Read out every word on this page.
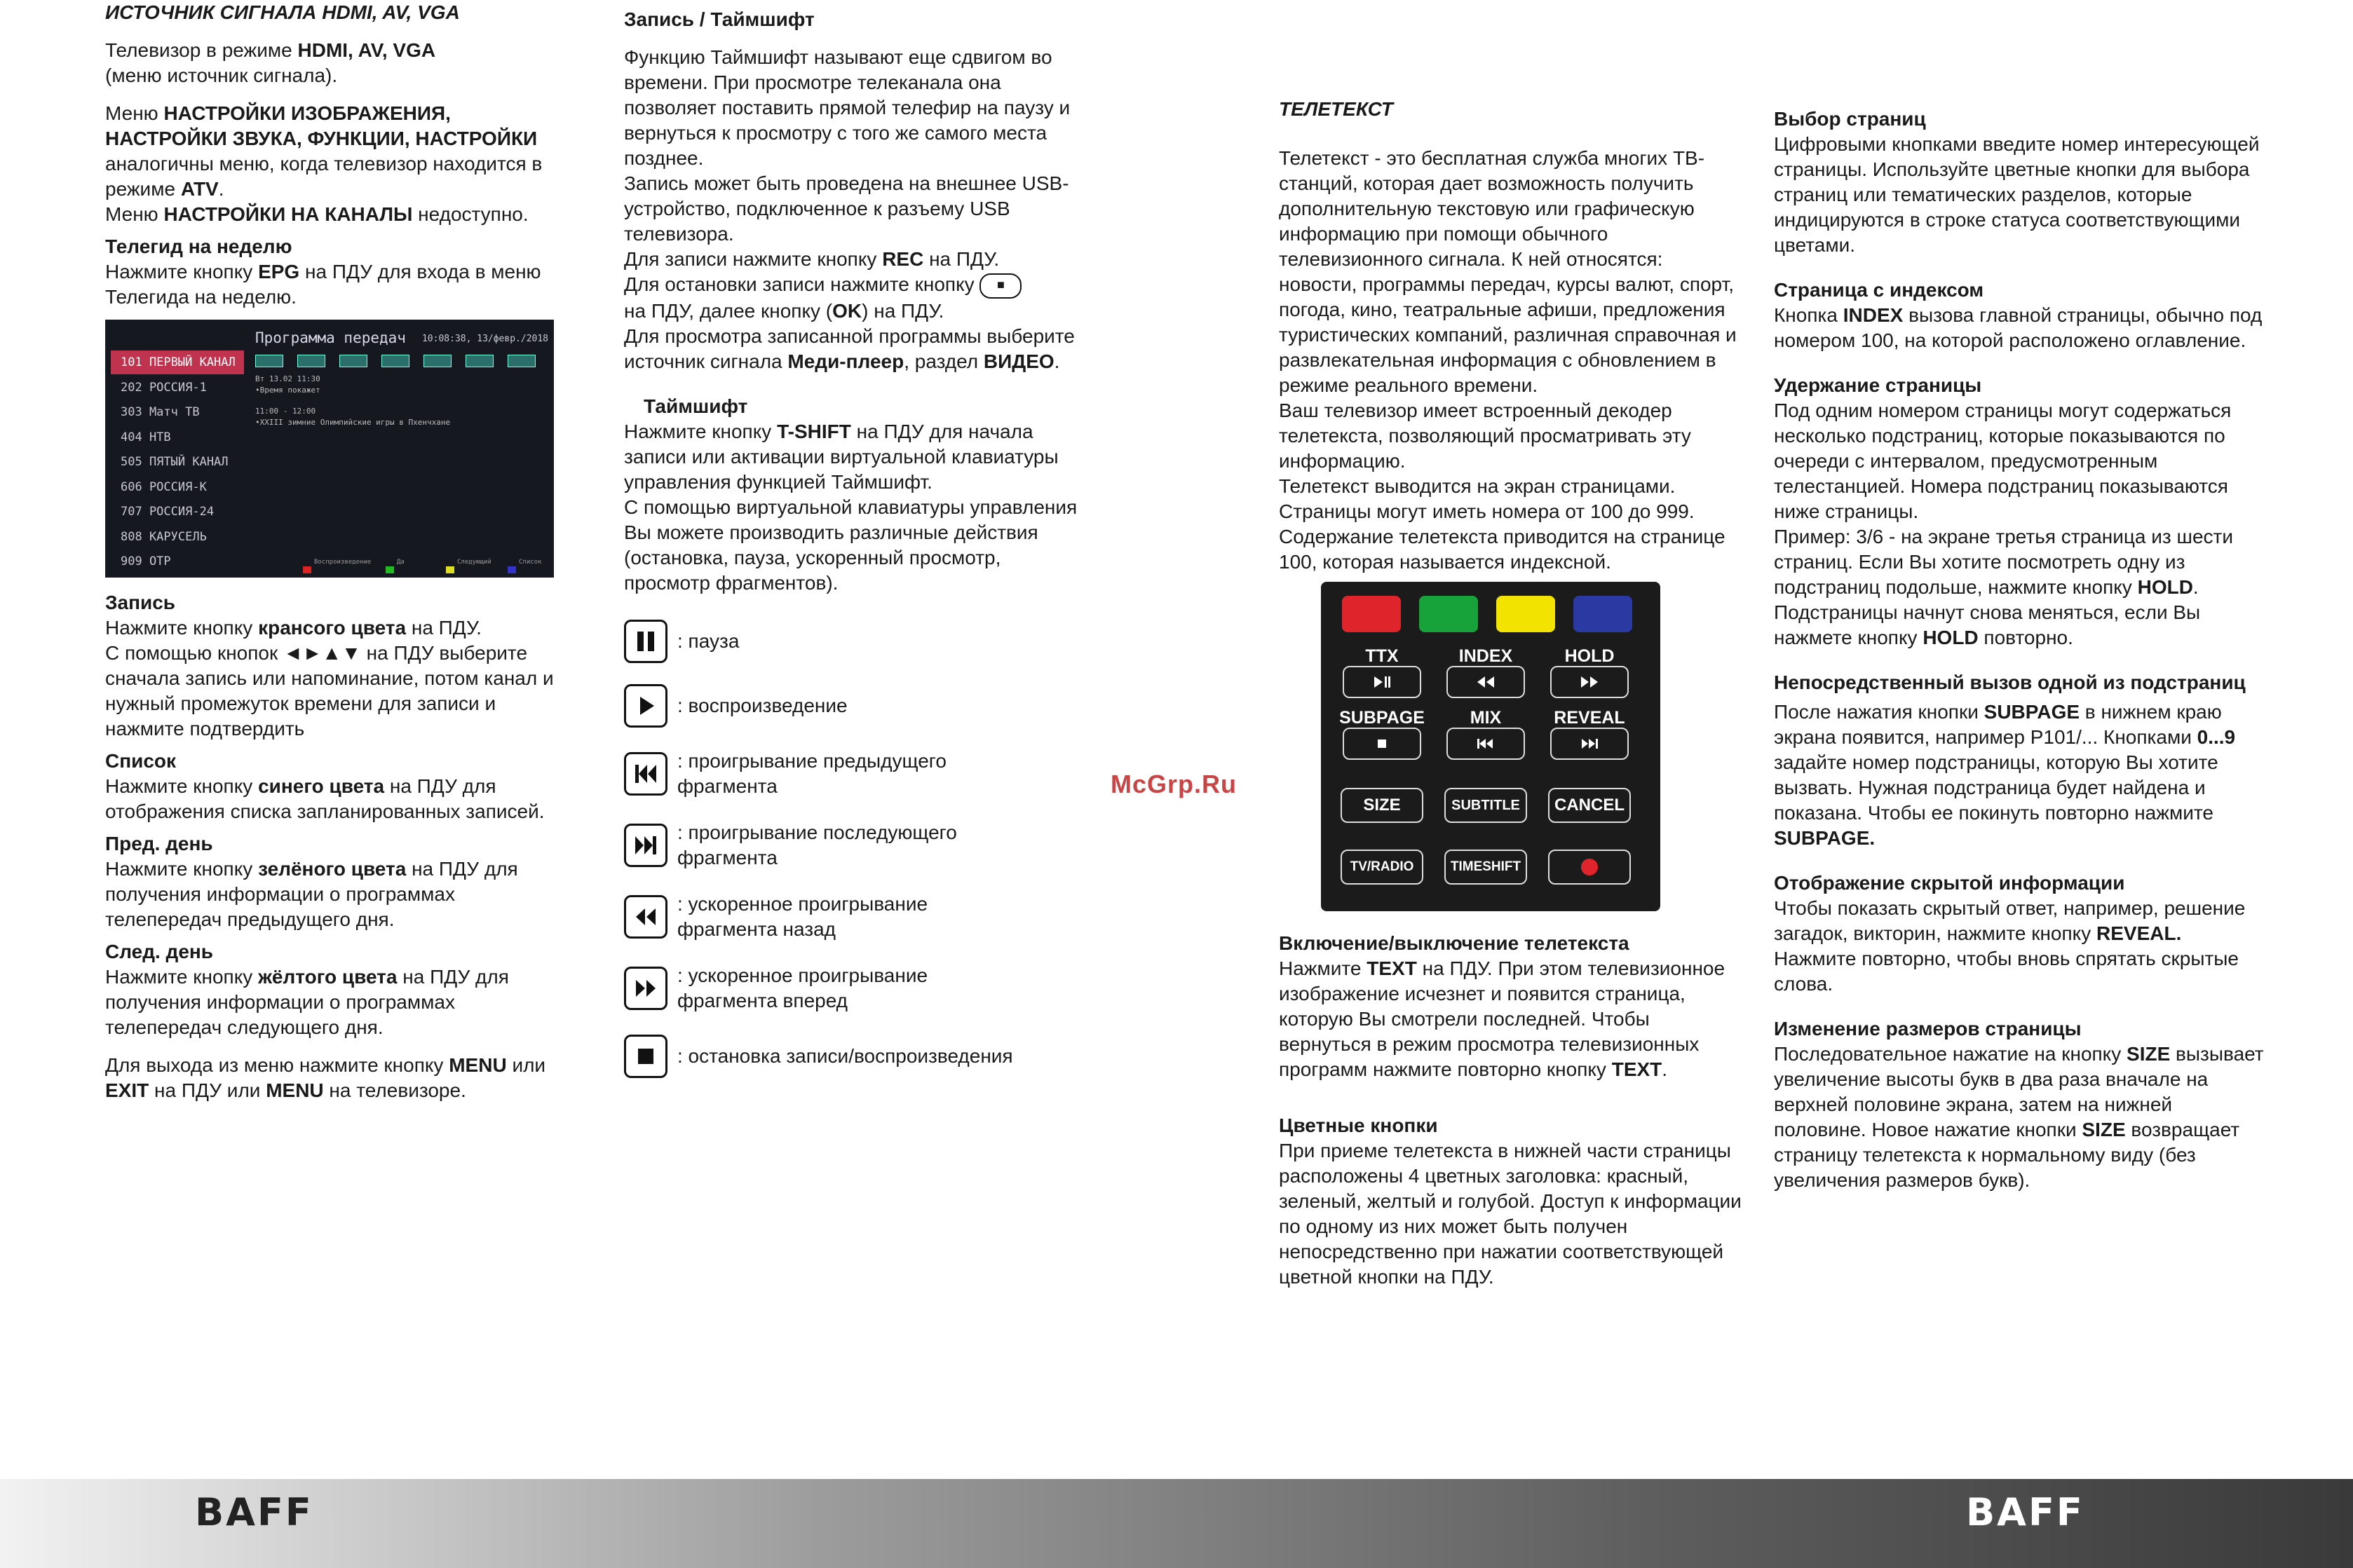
ИСТОЧНИК СИГНАЛА HDMI, AV, VGA

Телевизор в режиме HDMI, AV, VGA
(меню источник сигнала).

Меню НАСТРОЙКИ ИЗОБРАЖЕНИЯ, НАСТРОЙКИ ЗВУКА, ФУНКЦИИ, НАСТРОЙКИ аналогичны меню, когда телевизор находится в режиме ATV.
Меню НАСТРОЙКИ НА КАНАЛЫ недоступно.

Телегид на неделю

Нажмите кнопку EPG на ПДУ для входа в меню Телегида на неделю.

Программа передач 10:08:38, 13/февр./2018
101 ПЕРВЫЙ КАНАЛ
202 РОССИЯ-1
303 Матч ТВ
404 НТВ
505 ПЯТЫЙ КАНАЛ
606 РОССИЯ-К
707 РОССИЯ-24
808 КАРУСЕЛЬ
909 ОТР
Вт 13.02 11:30
•Время покажет
11:00 - 12:00
•XXIII зимние Олимпийские игры в Пхенчхане
Воспроизведение	Да	Следующий	Список

Запись

Нажмите кнопку крансого цвета на ПДУ.
С помощью кнопок ◄►▲▼ на ПДУ выберите сначала запись или напоминание, потом канал и нужный промежуток времени для записи и нажмите подтвердить

Список

Нажмите кнопку синего цвета на ПДУ для отображения списка запланированных записей.

Пред. день

Нажмите кнопку зелёного цвета на ПДУ для получения информации о программах телепередач предыдущего дня.

След. день

Нажмите кнопку жёлтого цвета на ПДУ для получения информации о программах телепередач следующего дня.

Для выхода из меню нажмите кнопку MENU или EXIT на ПДУ или MENU на телевизоре.

Запись / Таймшифт

Функцию Таймшифт называют еще сдвигом во времени. При просмотре телеканала она позволяет поставить прямой телефир на паузу и вернуться к просмотру с того же самого места позднее.

Запись может быть проведена на внешнее USB-устройство, подключенное к разъему USB телевизора.

Для записи нажмите кнопку REC на ПДУ.

Для остановки записи нажмите кнопку ■
на ПДУ, далее кнопку (OK) на ПДУ.

Для просмотра записанной программы выберите источник сигнала Меди-плеер, раздел ВИДЕО.

Таймшифт

Нажмите кнопку T-SHIFT на ПДУ для начала записи или активации виртуальной клавиатуры управления функцией Таймшифт.
С помощью виртуальной клавиатуры управления Вы можете производить различные действия (остановка, пауза, ускоренный просмотр, просмотр фрагментов).

: пауза
: воспроизведение
: проигрывание предыдущего фрагмента
: проигрывание последующего фрагмента
: ускоренное проигрывание фрагмента назад
: ускоренное проигрывание фрагмента вперед
: остановка записи/воспроизведения

ТЕЛЕТЕКСТ

Телетекст - это бесплатная служба многих ТВ-станций, которая дает возможность получить дополнительную текстовую или графическую информацию при помощи обычного телевизионного сигнала. К ней относятся: новости, программы передач, курсы валют, спорт, погода, кино, театральные афиши, предложения туристических компаний, различная справочная и развлекательная информация с обновлением в режиме реального времени.

Ваш телевизор имеет встроенный декодер телетекста, позволяющий просматривать эту информацию.

Телетекст выводится на экран страницами. Страницы могут иметь номера от 100 до 999. Содержание телетекста приводится на странице 100, которая называется индексной.

TTX	INDEX	HOLD
SUBPAGE	MIX	REVEAL
SIZE	SUBTITLE	CANCEL
TV/RADIO	TIMESHIFT

Включение/выключение телетекста

Нажмите TEXT на ПДУ. При этом телевизионное изображение исчезнет и появится страница, которую Вы смотрели последней. Чтобы вернуться в режим просмотра телевизионных программ нажмите повторно кнопку TEXT.

Цветные кнопки

При приеме телетекста в нижней части страницы расположены 4 цветных заголовка: красный, зеленый, желтый и голубой. Доступ к информации по одному из них может быть получен непосредственно при нажатии соответствующей цветной кнопки на ПДУ.

Выбор страниц

Цифровыми кнопками введите номер интересующей страницы. Используйте цветные кнопки для выбора страниц или тематических разделов, которые индицируются в строке статуса соответствующими цветами.

Страница с индексом

Кнопка INDEX вызова главной страницы, обычно под номером 100, на которой расположено оглавление.

Удержание страницы

Под одним номером страницы могут содержаться несколько подстраниц, которые показываются по очереди с интервалом, предусмотренным телестанцией. Номера подстраниц показываются ниже страницы.
Пример: 3/6 - на экране третья страница из шести страниц. Если Вы хотите посмотреть одну из подстраниц подольше, нажмите кнопку HOLD. Подстраницы начнут снова меняться, если Вы нажмете кнопку HOLD повторно.

Непосредственный вызов одной из подстраниц

После нажатия кнопки SUBPAGE в нижнем краю экрана появится, например P101/... Кнопками 0...9 задайте номер подстраницы, которую Вы хотите вызвать. Нужная подстраница будет найдена и показана. Чтобы ее покинуть повторно нажмите SUBPAGE.

Отображение скрытой информации

Чтобы показать скрытый ответ, например, решение загадок, викторин, нажмите кнопку REVEAL.
Нажмите повторно, чтобы вновь спрятать скрытые слова.

Изменение размеров страницы

Последовательное нажатие на кнопку SIZE вызывает увеличение высоты букв в два раза вначале на верхней половине экрана, затем на нижней половине. Новое нажатие кнопки SIZE возвращает страницу телетекста к нормальному виду (без увеличения размеров букв).

McGrp.Ru
BAFF	BAFF
